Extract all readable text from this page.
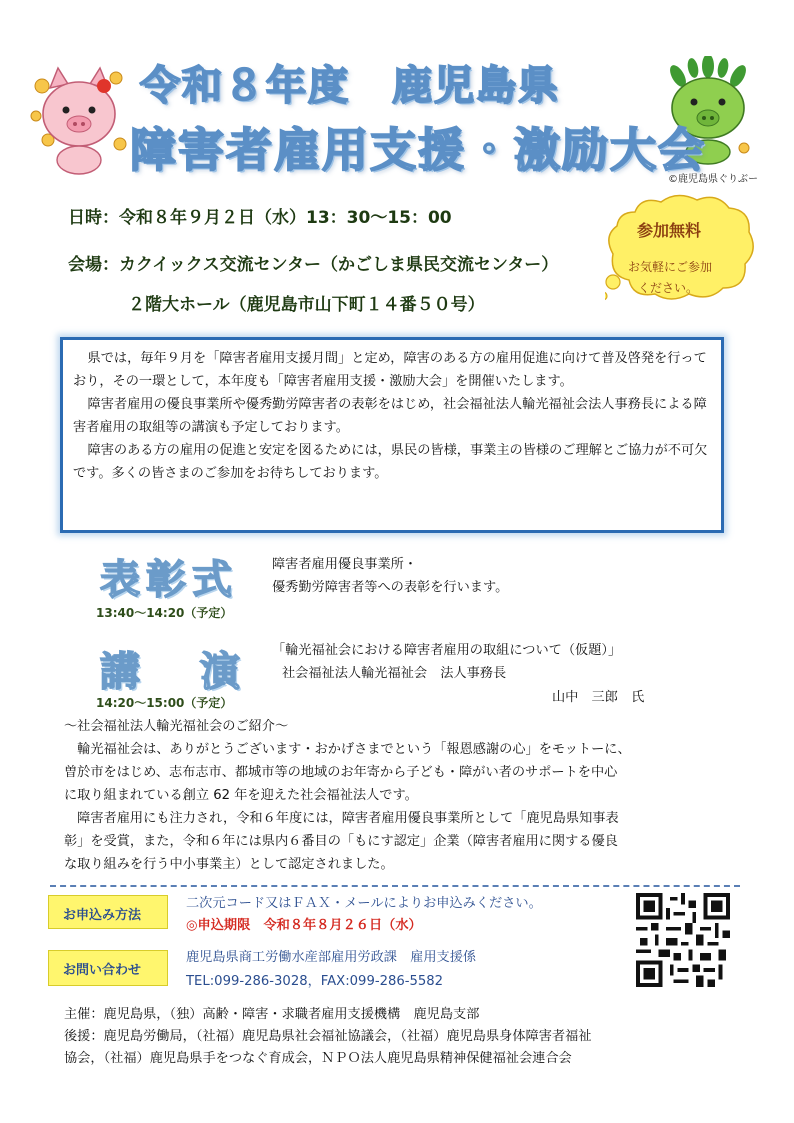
令和８年度　鹿児島県
障害者雇用支援・激励大会
©鹿児島県ぐりぶー
日時：令和８年９月２日（水）13：30〜15：00
会場：カクイックス交流センター（かごしま県民交流センター）
２階大ホール（鹿児島市山下町１４番５０号）
参加無料
お気軽にご参加
ください。

県では，毎年９月を「障害者雇用支援月間」と定め，障害のある方の雇用促進に向けて普及啓発を行っており，その一環として，本年度も「障害者雇用支援・激励大会」を開催いたします。

障害者雇用の優良事業所や優秀勤労障害者の表彰をはじめ，社会福祉法人輪光福祉会法人事務長による障害者雇用の取組等の講演も予定しております。

障害のある方の雇用の促進と安定を図るためには，県民の皆様，事業主の皆様のご理解とご協力が不可欠です。多くの皆さまのご参加をお待ちしております。

表彰式
13:40〜14:20（予定）
障害者雇用優良事業所・
優秀勤労障害者等への表彰を行います。
講　演
14:20〜15:00（予定）
「輪光福祉会における障害者雇用の取組について（仮題）」
社会福祉法人輪光福祉会　法人事務長
山中　三郎　氏
〜社会福祉法人輪光福祉会のご紹介〜
　輪光福祉会は、ありがとうございます・おかげさまでという「報恩感謝の心」をモットーに、
曽於市をはじめ、志布志市、都城市等の地域のお年寄から子ども・障がい者のサポートを中心
に取り組まれている創立 62 年を迎えた社会福祉法人です。
　障害者雇用にも注力され，令和６年度には，障害者雇用優良事業所として「鹿児島県知事表
彰」を受賞，また，令和６年には県内６番目の「もにす認定」企業（障害者雇用に関する優良
な取り組みを行う中小事業主）として認定されました。
お申込み方法
二次元コード又はＦＡＸ・メールによりお申込みください。
◎申込期限　令和８年８月２６日（水）
お問い合わせ
鹿児島県商工労働水産部雇用労政課　雇用支援係
TEL:099-286-3028，FAX:099-286-5582
主催：鹿児島県，（独）高齢・障害・求職者雇用支援機構　鹿児島支部
後援：鹿児島労働局，（社福）鹿児島県社会福祉協議会，（社福）鹿児島県身体障害者福祉
協会，（社福）鹿児島県手をつなぐ育成会，ＮＰＯ法人鹿児島県精神保健福祉会連合会
